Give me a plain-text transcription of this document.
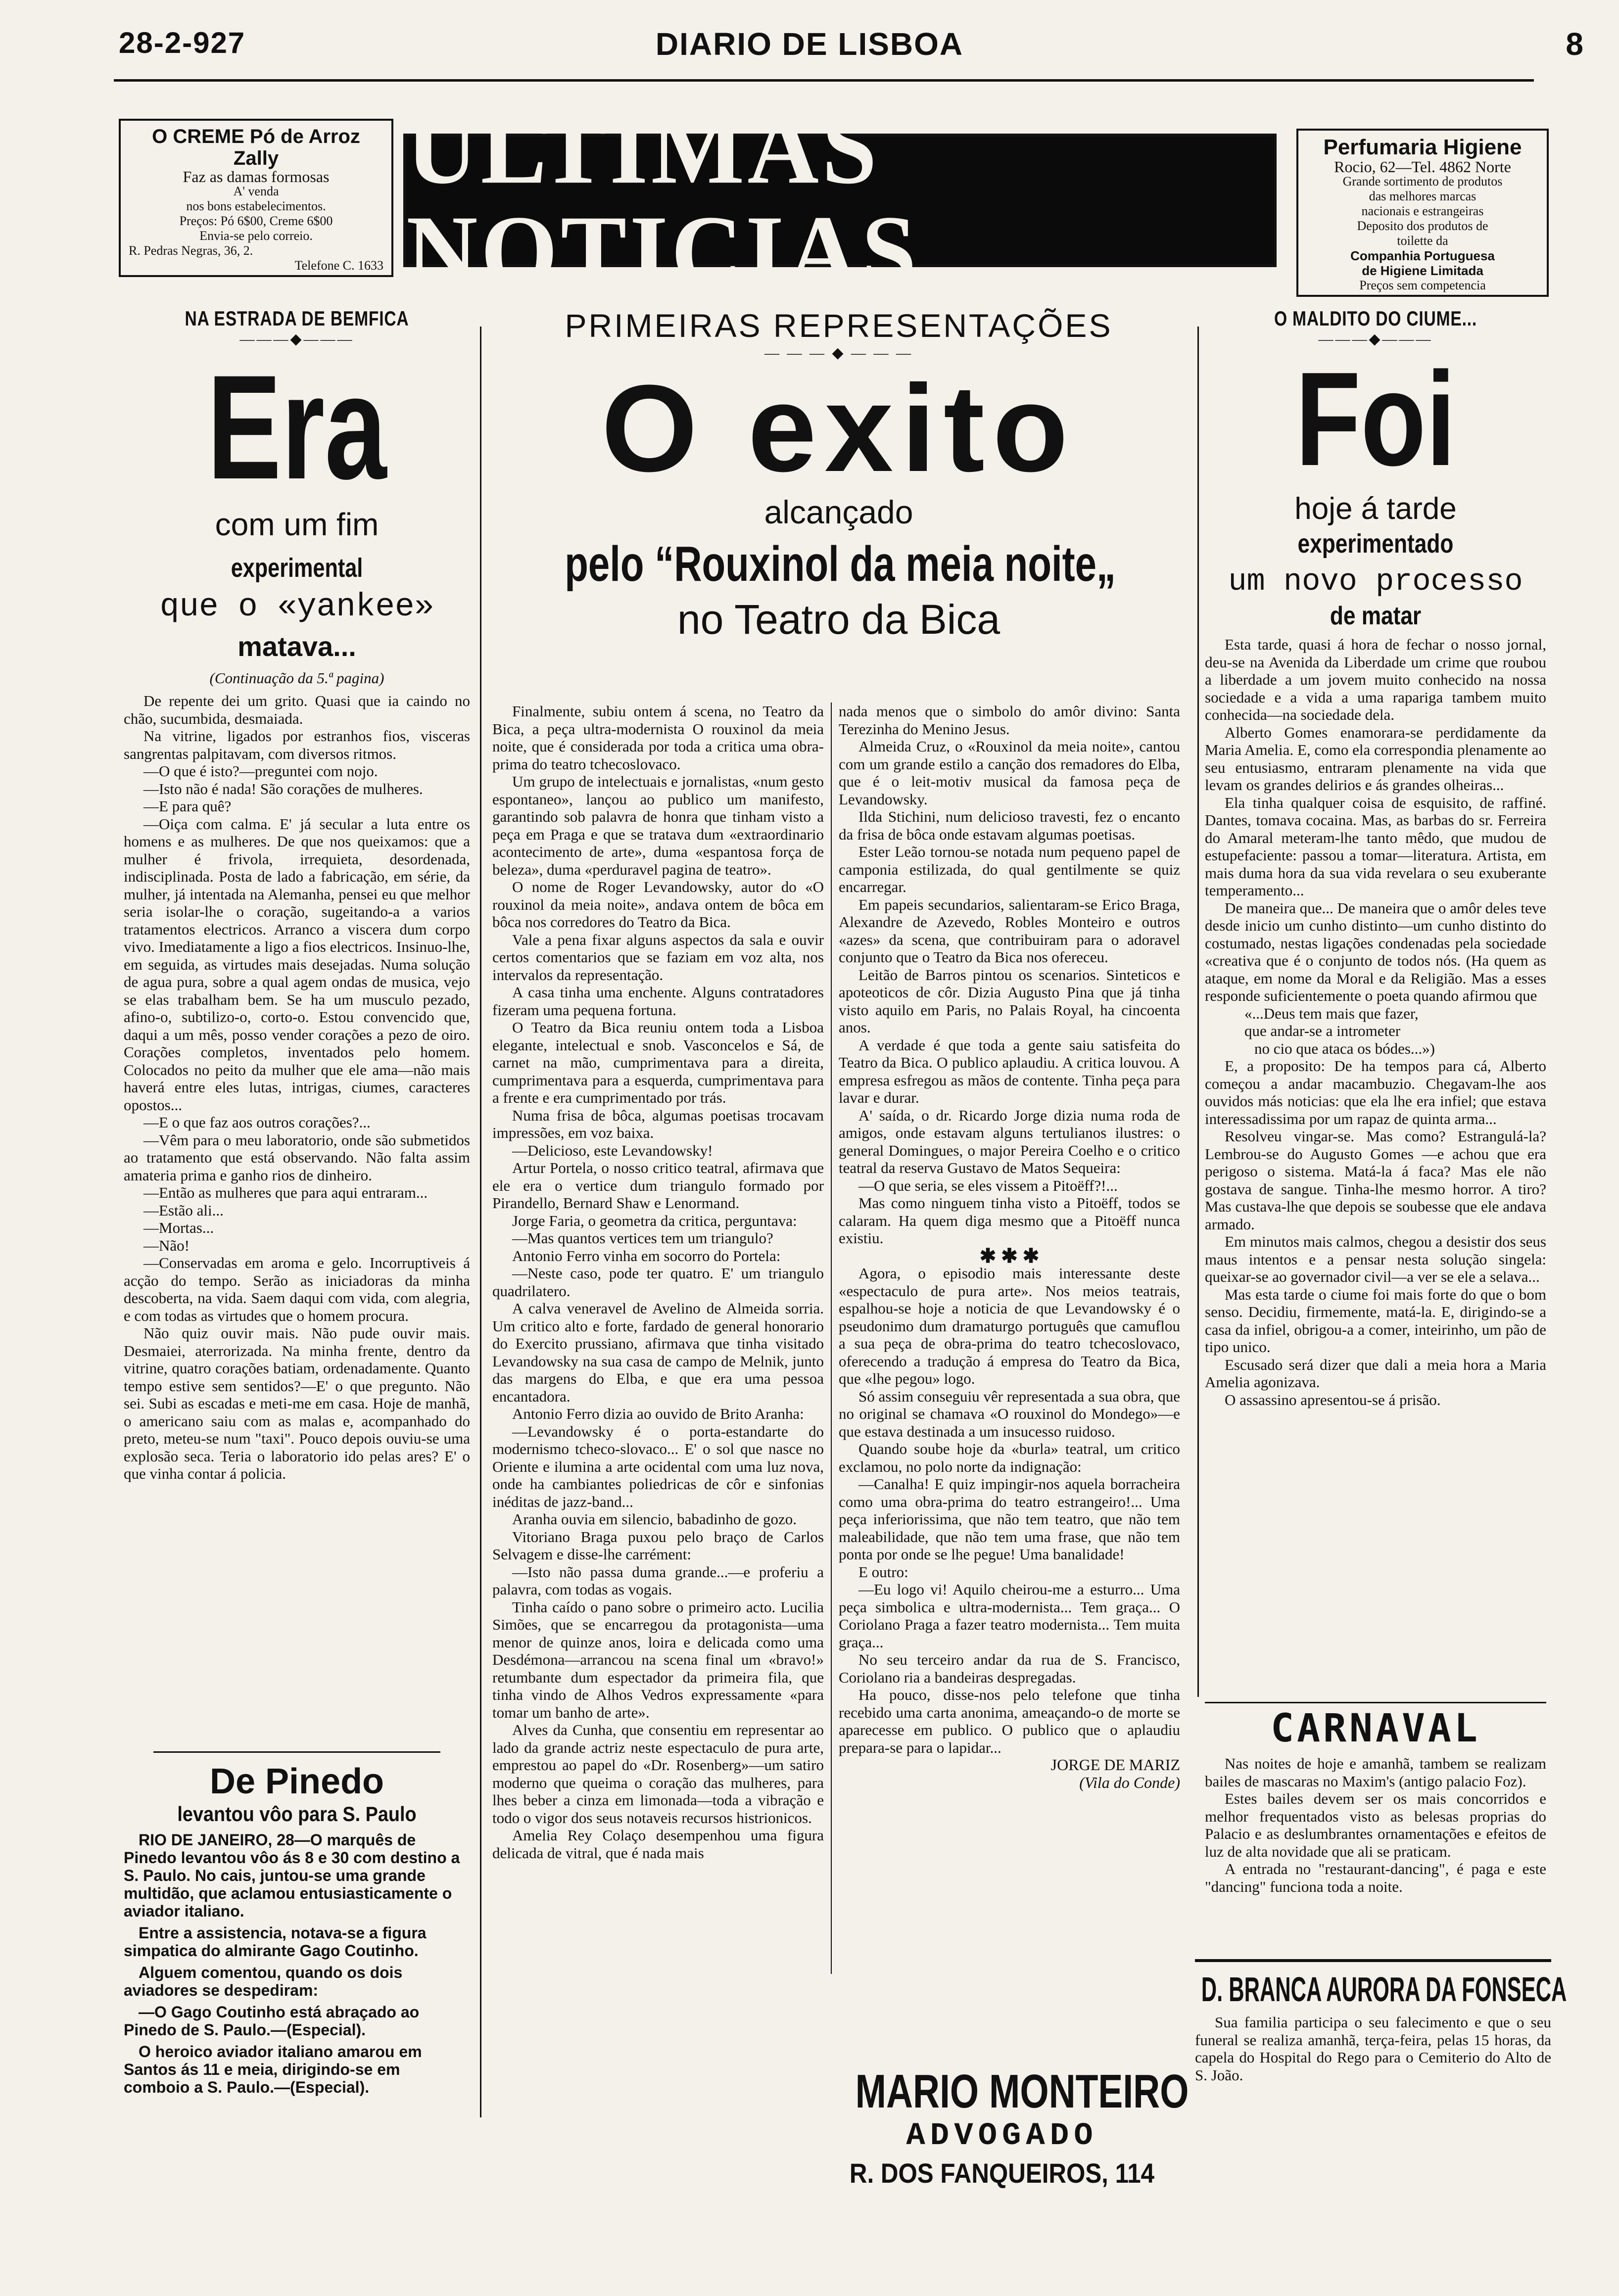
28-2-927	DIARIO DE LISBOA	8
O CREME Pó de Arroz Zally
Faz as damas formosas
A' venda
nos bons estabelecimentos.
Preços: Pó 6$00, Creme 6$00
Envia-se pelo correio.
R. Pedras Negras, 36, 2.
Telefone C. 1633
ULTIMAS NOTICIAS
Perfumaria Higiene
Rocio, 62—Tel. 4862 Norte
Grande sortimento de produtos
das melhores marcas
nacionais e estrangeiras
Deposito dos produtos de
toilette da
Companhia Portuguesa
de Higiene Limitada
Preços sem competencia
NA ESTRADA DE BEMFICA
———◆———
Era
com um fim
experimental
que o «yankee»
matava...
(Continuação da 5.ª pagina)

De repente dei um grito. Quasi que ia caindo no chão, sucumbida, desmaiada.

Na vitrine, ligados por estranhos fios, visceras sangrentas palpitavam, com diversos ritmos.

—O que é isto?—preguntei com nojo.

—Isto não é nada! São corações de mulheres.

—E para quê?

—Oiça com calma. E' já secular a luta entre os homens e as mulheres. De que nos queixamos: que a mulher é frivola, irrequieta, desordenada, indisciplinada. Posta de lado a fabricação, em série, da mulher, já intentada na Alemanha, pensei eu que melhor seria isolar-lhe o coração, sugeitando-a a varios tratamentos electricos. Arranco a viscera dum corpo vivo. Imediatamente a ligo a fios electricos. Insinuo-lhe, em seguida, as virtudes mais desejadas. Numa solução de agua pura, sobre a qual agem ondas de musica, vejo se elas trabalham bem. Se ha um musculo pezado, afino-o, subtilizo-o, corto-o. Estou convencido que, daqui a um mês, posso vender corações a pezo de oiro. Corações completos, inventados pelo homem. Colocados no peito da mulher que ele ama—não mais haverá entre eles lutas, intrigas, ciumes, caracteres opostos...

—E o que faz aos outros corações?...

—Vêm para o meu laboratorio, onde são submetidos ao tratamento que está observando. Não falta assim amateria prima e ganho rios de dinheiro.

—Então as mulheres que para aqui entraram...

—Estão ali...

—Mortas...

—Não!

—Conservadas em aroma e gelo. Incorruptiveis á acção do tempo. Serão as iniciadoras da minha descoberta, na vida. Saem daqui com vida, com alegria, e com todas as virtudes que o homem procura.

Não quiz ouvir mais. Não pude ouvir mais. Desmaiei, aterrorizada. Na minha frente, dentro da vitrine, quatro corações batiam, ordenadamente. Quanto tempo estive sem sentidos?—E' o que pregunto. Não sei. Subi as escadas e meti-me em casa. Hoje de manhã, o americano saiu com as malas e, acompanhado do preto, meteu-se num "taxi". Pouco depois ouviu-se uma explosão seca. Teria o laboratorio ido pelas ares? E' o que vinha contar á policia.

De Pinedo
levantou vôo para S. Paulo

RIO DE JANEIRO, 28—O marquês de Pinedo levantou vôo ás 8 e 30 com destino a S. Paulo. No cais, juntou-se uma grande multidão, que aclamou entusiasticamente o aviador italiano.

Entre a assistencia, notava-se a figura simpatica do almirante Gago Coutinho.

Alguem comentou, quando os dois aviadores se despediram:

—O Gago Coutinho está abraçado ao Pinedo de S. Paulo.—(Especial).

O heroico aviador italiano amarou em Santos ás 11 e meia, dirigindo-se em comboio a S. Paulo.—(Especial).

PRIMEIRAS REPRESENTAÇÕES
— — — ◆ — — —
O exito
alcançado
pelo “Rouxinol da meia noite„
no Teatro da Bica

Finalmente, subiu ontem á scena, no Teatro da Bica, a peça ultra-modernista O rouxinol da meia noite, que é considerada por toda a critica uma obra-prima do teatro tchecoslovaco.

Um grupo de intelectuais e jornalistas, «num gesto espontaneo», lançou ao publico um manifesto, garantindo sob palavra de honra que tinham visto a peça em Praga e que se tratava dum «extraordinario acontecimento de arte», duma «espantosa força de beleza», duma «perduravel pagina de teatro».

O nome de Roger Levandowsky, autor do «O rouxinol da meia noite», andava ontem de bôca em bôca nos corredores do Teatro da Bica.

Vale a pena fixar alguns aspectos da sala e ouvir certos comentarios que se faziam em voz alta, nos intervalos da representação.

A casa tinha uma enchente. Alguns contratadores fizeram uma pequena fortuna.

O Teatro da Bica reuniu ontem toda a Lisboa elegante, intelectual e snob. Vasconcelos e Sá, de carnet na mão, cumprimentava para a direita, cumprimentava para a esquerda, cumprimentava para a frente e era cumprimentado por trás.

Numa frisa de bôca, algumas poetisas trocavam impressões, em voz baixa.

—Delicioso, este Levandowsky!

Artur Portela, o nosso critico teatral, afirmava que ele era o vertice dum triangulo formado por Pirandello, Bernard Shaw e Lenormand.

Jorge Faria, o geometra da critica, perguntava:

—Mas quantos vertices tem um triangulo?

Antonio Ferro vinha em socorro do Portela:

—Neste caso, pode ter quatro. E' um triangulo quadrilatero.

A calva veneravel de Avelino de Almeida sorria. Um critico alto e forte, fardado de general honorario do Exercito prussiano, afirmava que tinha visitado Levandowsky na sua casa de campo de Melnik, junto das margens do Elba, e que era uma pessoa encantadora.

Antonio Ferro dizia ao ouvido de Brito Aranha:

—Levandowsky é o porta-estandarte do modernismo tcheco-slovaco... E' o sol que nasce no Oriente e ilumina a arte ocidental com uma luz nova, onde ha cambiantes poliedricas de côr e sinfonias inéditas de jazz-band...

Aranha ouvia em silencio, babadinho de gozo.

Vitoriano Braga puxou pelo braço de Carlos Selvagem e disse-lhe carrément:

—Isto não passa duma grande...—e proferiu a palavra, com todas as vogais.

Tinha caído o pano sobre o primeiro acto. Lucilia Simões, que se encarregou da protagonista—uma menor de quinze anos, loira e delicada como uma Desdémona—arrancou na scena final um «bravo!» retumbante dum espectador da primeira fila, que tinha vindo de Alhos Vedros expressamente «para tomar um banho de arte».

Alves da Cunha, que consentiu em representar ao lado da grande actriz neste espectaculo de pura arte, emprestou ao papel do «Dr. Rosenberg»—um satiro moderno que queima o coração das mulheres, para lhes beber a cinza em limonada—toda a vibração e todo o vigor dos seus notaveis recursos histrionicos.

Amelia Rey Colaço desempenhou uma figura delicada de vitral, que é nada mais

nada menos que o simbolo do amôr divino: Santa Terezinha do Menino Jesus.

Almeida Cruz, o «Rouxinol da meia noite», cantou com um grande estilo a canção dos remadores do Elba, que é o leit-motiv musical da famosa peça de Levandowsky.

Ilda Stichini, num delicioso travesti, fez o encanto da frisa de bôca onde estavam algumas poetisas.

Ester Leão tornou-se notada num pequeno papel de camponia estilizada, do qual gentilmente se quiz encarregar.

Em papeis secundarios, salientaram-se Erico Braga, Alexandre de Azevedo, Robles Monteiro e outros «azes» da scena, que contribuiram para o adoravel conjunto que o Teatro da Bica nos ofereceu.

Leitão de Barros pintou os scenarios. Sinteticos e apoteoticos de côr. Dizia Augusto Pina que já tinha visto aquilo em Paris, no Palais Royal, ha cincoenta anos.

A verdade é que toda a gente saiu satisfeita do Teatro da Bica. O publico aplaudiu. A critica louvou. A empresa esfregou as mãos de contente. Tinha peça para lavar e durar.

A' saída, o dr. Ricardo Jorge dizia numa roda de amigos, onde estavam alguns tertulianos ilustres: o general Domingues, o major Pereira Coelho e o critico teatral da reserva Gustavo de Matos Sequeira:

—O que seria, se eles vissem a Pitoëff?!...

Mas como ninguem tinha visto a Pitoëff, todos se calaram. Ha quem diga mesmo que a Pitoëff nunca existiu.

✱ ✱ ✱

Agora, o episodio mais interessante deste «espectaculo de pura arte». Nos meios teatrais, espalhou-se hoje a noticia de que Levandowsky é o pseudonimo dum dramaturgo português que camuflou a sua peça de obra-prima do teatro tchecoslovaco, oferecendo a tradução á empresa do Teatro da Bica, que «lhe pegou» logo.

Só assim conseguiu vêr representada a sua obra, que no original se chamava «O rouxinol do Mondego»—e que estava destinada a um insucesso ruidoso.

Quando soube hoje da «burla» teatral, um critico exclamou, no polo norte da indignação:

—Canalha! E quiz impingir-nos aquela borracheira como uma obra-prima do teatro estrangeiro!... Uma peça inferiorissima, que não tem teatro, que não tem maleabilidade, que não tem uma frase, que não tem ponta por onde se lhe pegue! Uma banalidade!

E outro:

—Eu logo vi! Aquilo cheirou-me a esturro... Uma peça simbolica e ultra-modernista... Tem graça... O Coriolano Praga a fazer teatro modernista... Tem muita graça...

No seu terceiro andar da rua de S. Francisco, Coriolano ria a bandeiras despregadas.

Ha pouco, disse-nos pelo telefone que tinha recebido uma carta anonima, ameaçando-o de morte se aparecesse em publico. O publico que o aplaudiu prepara-se para o lapidar...

JORGE DE MARIZ
(Vila do Conde)
MARIO MONTEIRO
ADVOGADO
R. DOS FANQUEIROS, 114
O MALDITO DO CIUME...
———◆———
Foi
hoje á tarde
experimentado
um novo processo
de matar

Esta tarde, quasi á hora de fechar o nosso jornal, deu-se na Avenida da Liberdade um crime que roubou a liberdade a um jovem muito conhecido na nossa sociedade e a vida a uma rapariga tambem muito conhecida—na sociedade dela.

Alberto Gomes enamorara-se perdidamente da Maria Amelia. E, como ela correspondia plenamente ao seu entusiasmo, entraram plenamente na vida que levam os grandes delirios e ás grandes olheiras...

Ela tinha qualquer coisa de esquisito, de raffiné. Dantes, tomava cocaina. Mas, as barbas do sr. Ferreira do Amaral meteram-lhe tanto mêdo, que mudou de estupefaciente: passou a tomar—literatura. Artista, em mais duma hora da sua vida revelara o seu exuberante temperamento...

De maneira que... De maneira que o amôr deles teve desde inicio um cunho distinto—um cunho distinto do costumado, nestas ligações condenadas pela sociedade «creativa que é o conjunto de todos nós. (Ha quem as ataque, em nome da Moral e da Religião. Mas a esses responde suficientemente o poeta quando afirmou que

«...Deus tem mais que fazer,

que andar-se a intrometer

no cio que ataca os bódes...»)

E, a proposito: De ha tempos para cá, Alberto começou a andar macambuzio. Chegavam-lhe aos ouvidos más noticias: que ela lhe era infiel; que estava interessadissima por um rapaz de quinta arma...

Resolveu vingar-se. Mas como? Estrangulá-la? Lembrou-se do Augusto Gomes —e achou que era perigoso o sistema. Matá-la á faca? Mas ele não gostava de sangue. Tinha-lhe mesmo horror. A tiro? Mas custava-lhe que depois se soubesse que ele andava armado.

Em minutos mais calmos, chegou a desistir dos seus maus intentos e a pensar nesta solução singela: queixar-se ao governador civil—a ver se ele a selava...

Mas esta tarde o ciume foi mais forte do que o bom senso. Decidiu, firmemente, matá-la. E, dirigindo-se a casa da infiel, obrigou-a a comer, inteirinho, um pão de tipo unico.

Escusado será dizer que dali a meia hora a Maria Amelia agonizava.

O assassino apresentou-se á prisão.

CARNAVAL

Nas noites de hoje e amanhã, tambem se realizam bailes de mascaras no Maxim's (antigo palacio Foz).

Estes bailes devem ser os mais concorridos e melhor frequentados visto as belesas proprias do Palacio e as deslumbrantes ornamentações e efeitos de luz de alta novidade que ali se praticam.

A entrada no "restaurant-dancing", é paga e este "dancing" funciona toda a noite.

D. BRANCA AURORA DA FONSECA

Sua familia participa o seu falecimento e que o seu funeral se realiza amanhã, terça-feira, pelas 15 horas, da capela do Hospital do Rego para o Cemiterio do Alto de S. João.
